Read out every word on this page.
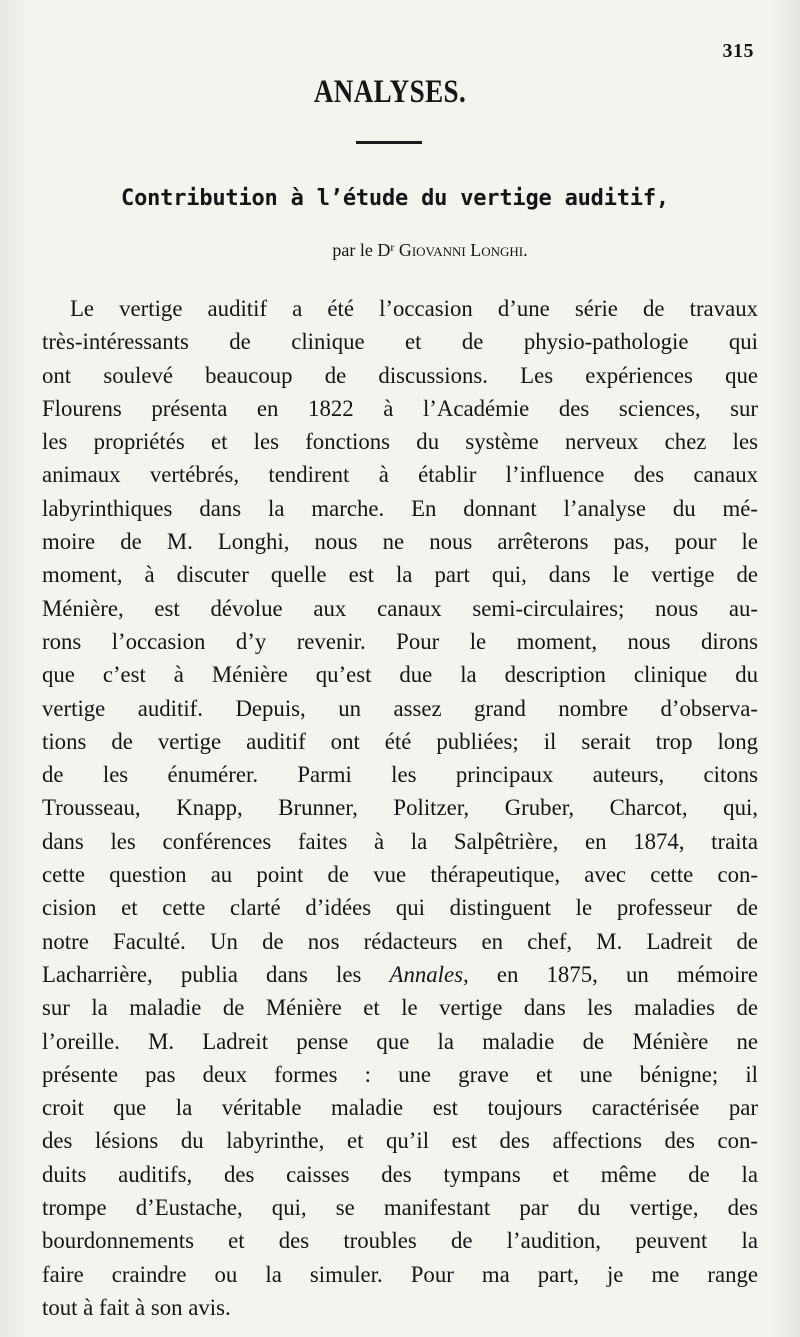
315
ANALYSES.
Contribution à l’étude du vertige auditif,
par le $D^r$ Giovanni Longhi.
Le vertige auditif a été l’occasion d’une série de travaux
très-intéressants de clinique et de physio-pathologie qui
ont soulevé beaucoup de discussions. Les expériences que
Flourens présenta en 1822 à l’Académie des sciences, sur
les propriétés et les fonctions du système nerveux chez les
animaux vertébrés, tendirent à établir l’influence des canaux
labyrinthiques dans la marche. En donnant l’analyse du mé-
moire de M. Longhi, nous ne nous arrêterons pas, pour le
moment, à discuter quelle est la part qui, dans le vertige de
Ménière, est dévolue aux canaux semi-circulaires; nous au-
rons l’occasion d’y revenir. Pour le moment, nous dirons
que c’est à Ménière qu’est due la description clinique du
vertige auditif. Depuis, un assez grand nombre d’observa-
tions de vertige auditif ont été publiées; il serait trop long
de les énumérer. Parmi les principaux auteurs, citons
Trousseau, Knapp, Brunner, Politzer, Gruber, Charcot, qui,
dans les conférences faites à la Salpêtrière, en 1874, traita
cette question au point de vue thérapeutique, avec cette con-
cision et cette clarté d’idées qui distinguent le professeur de
notre Faculté. Un de nos rédacteurs en chef, M. Ladreit de
Lacharrière, publia dans les Annales, en 1875, un mémoire
sur la maladie de Ménière et le vertige dans les maladies de
l’oreille. M. Ladreit pense que la maladie de Ménière ne
présente pas deux formes : une grave et une bénigne; il
croit que la véritable maladie est toujours caractérisée par
des lésions du labyrinthe, et qu’il est des affections des con-
duits auditifs, des caisses des tympans et même de la
trompe d’Eustache, qui, se manifestant par du vertige, des
bourdonnements et des troubles de l’audition, peuvent la
faire craindre ou la simuler. Pour ma part, je me range
tout à fait à son avis.
